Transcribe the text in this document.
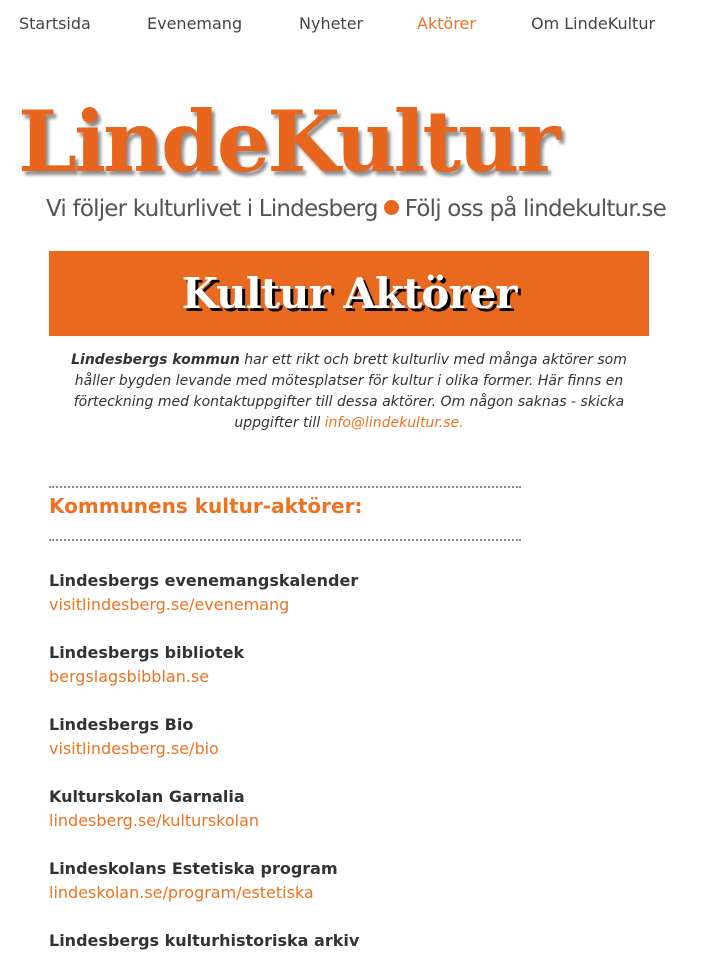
Startsida	Evenemang	Nyheter	Aktörer	Om LindeKultur
LindeKultur
Vi följer kulturlivet i Lindesberg Följ oss på lindekultur.se
Kultur Aktörer

Lindesbergs kommun har ett rikt och brett kulturliv med många aktörer som håller bygden levande med mötesplatser för kultur i olika former. Här finns en förteckning med kontaktuppgifter till dessa aktörer. Om någon saknas - skicka uppgifter till info@lindekultur.se.

Kommunens kultur-aktörer:
Lindesbergs evenemangskalender
visitlindesberg.se/evenemang
Lindesbergs bibliotek
bergslagsbibblan.se
Lindesbergs Bio
visitlindesberg.se/bio
Kulturskolan Garnalia
lindesberg.se/kulturskolan
Lindeskolans Estetiska program
lindeskolan.se/program/estetiska
Lindesbergs kulturhistoriska arkiv
